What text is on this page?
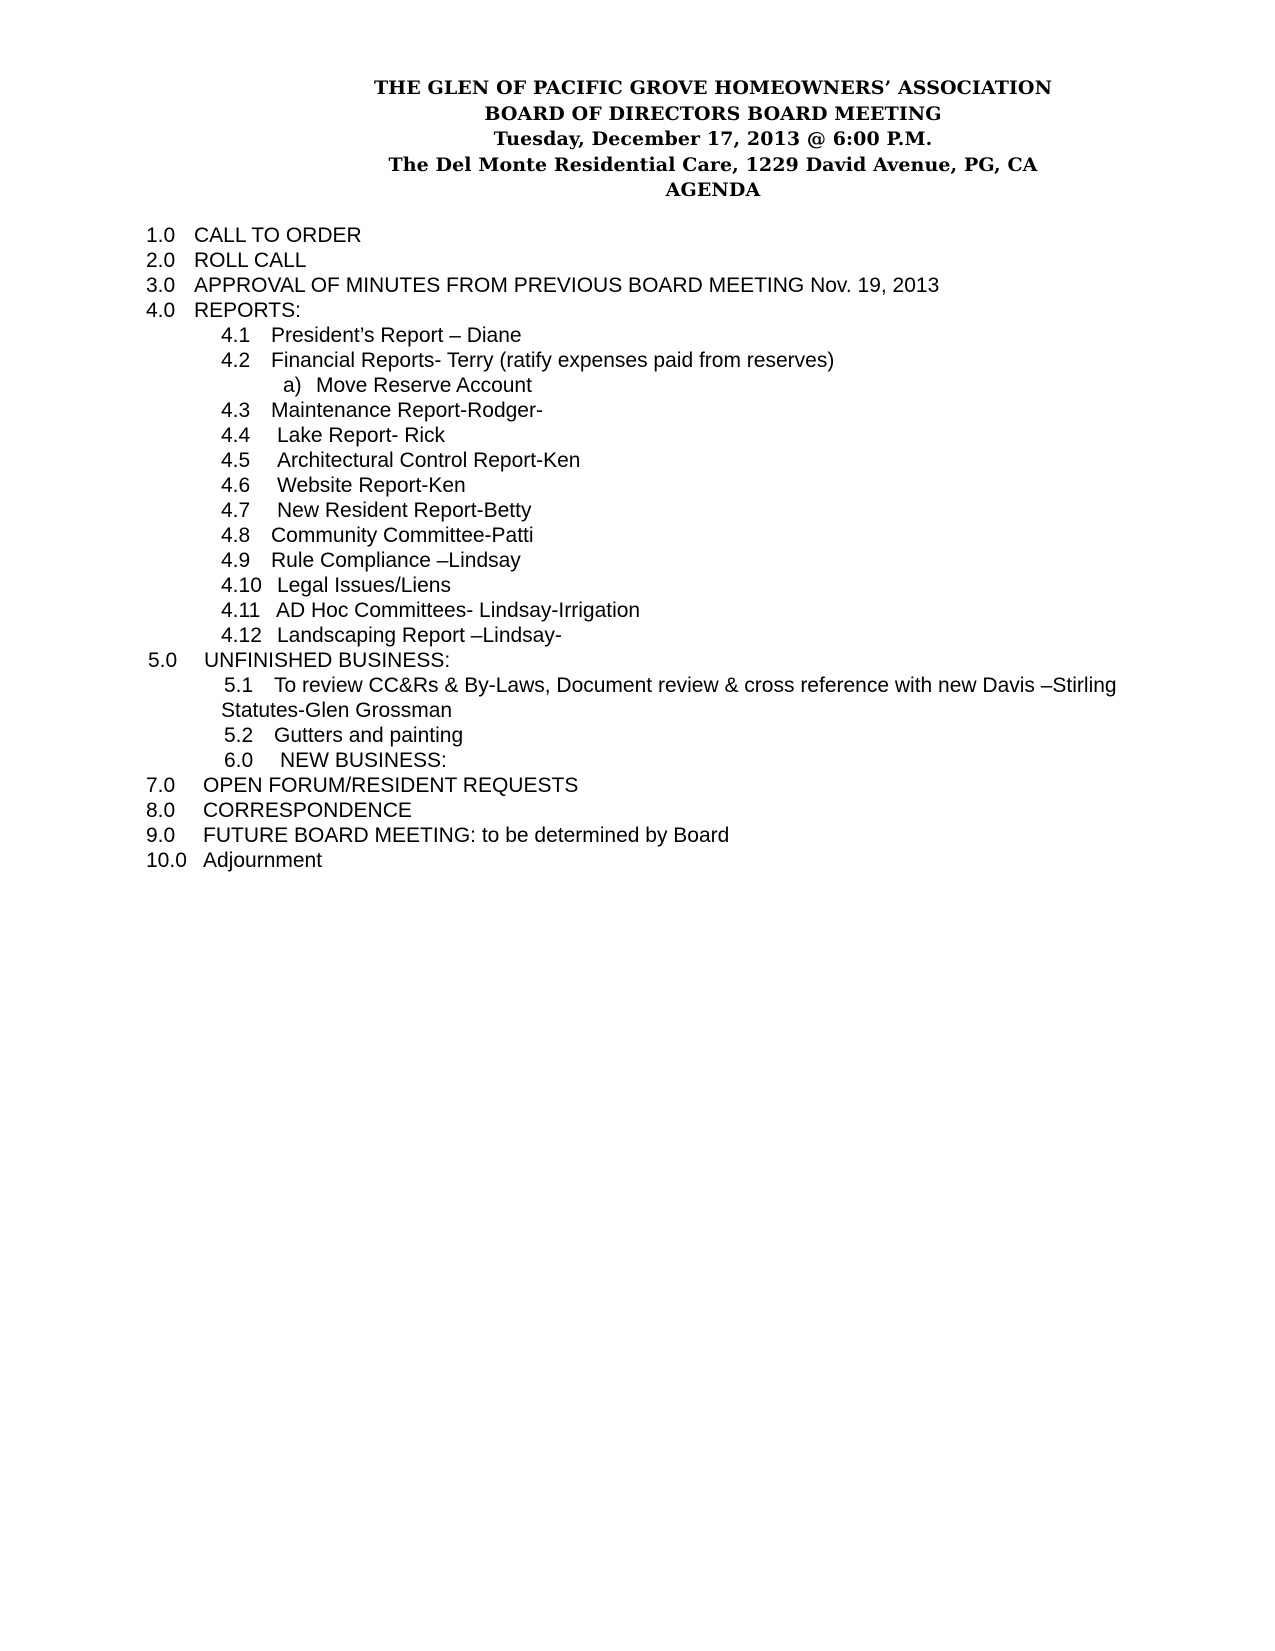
THE GLEN OF PACIFIC GROVE HOMEOWNERS’ ASSOCIATION
BOARD OF DIRECTORS BOARD MEETING
Tuesday, December 17, 2013 @ 6:00 P.M.
The Del Monte Residential Care, 1229 David Avenue, PG, CA
AGENDA
1.0 CALL TO ORDER
2.0 ROLL CALL
3.0 APPROVAL OF MINUTES FROM PREVIOUS BOARD MEETING Nov. 19, 2013
4.0 REPORTS:
4.1 President’s Report – Diane
4.2 Financial Reports- Terry (ratify expenses paid from reserves)
a) Move Reserve Account
4.3 Maintenance Report-Rodger-
4.4 Lake Report- Rick
4.5 Architectural Control Report-Ken
4.6 Website Report-Ken
4.7 New Resident Report-Betty
4.8 Community Committee-Patti
4.9 Rule Compliance –Lindsay
4.10 Legal Issues/Liens
4.11 AD Hoc Committees- Lindsay-Irrigation
4.12 Landscaping Report –Lindsay-
5.0 UNFINISHED BUSINESS:
5.1 To review CC&Rs & By-Laws, Document review & cross reference with new Davis –Stirling
Statutes-Glen Grossman
5.2 Gutters and painting
6.0 NEW BUSINESS:
7.0 OPEN FORUM/RESIDENT REQUESTS
8.0 CORRESPONDENCE
9.0 FUTURE BOARD MEETING: to be determined by Board
10.0 Adjournment
